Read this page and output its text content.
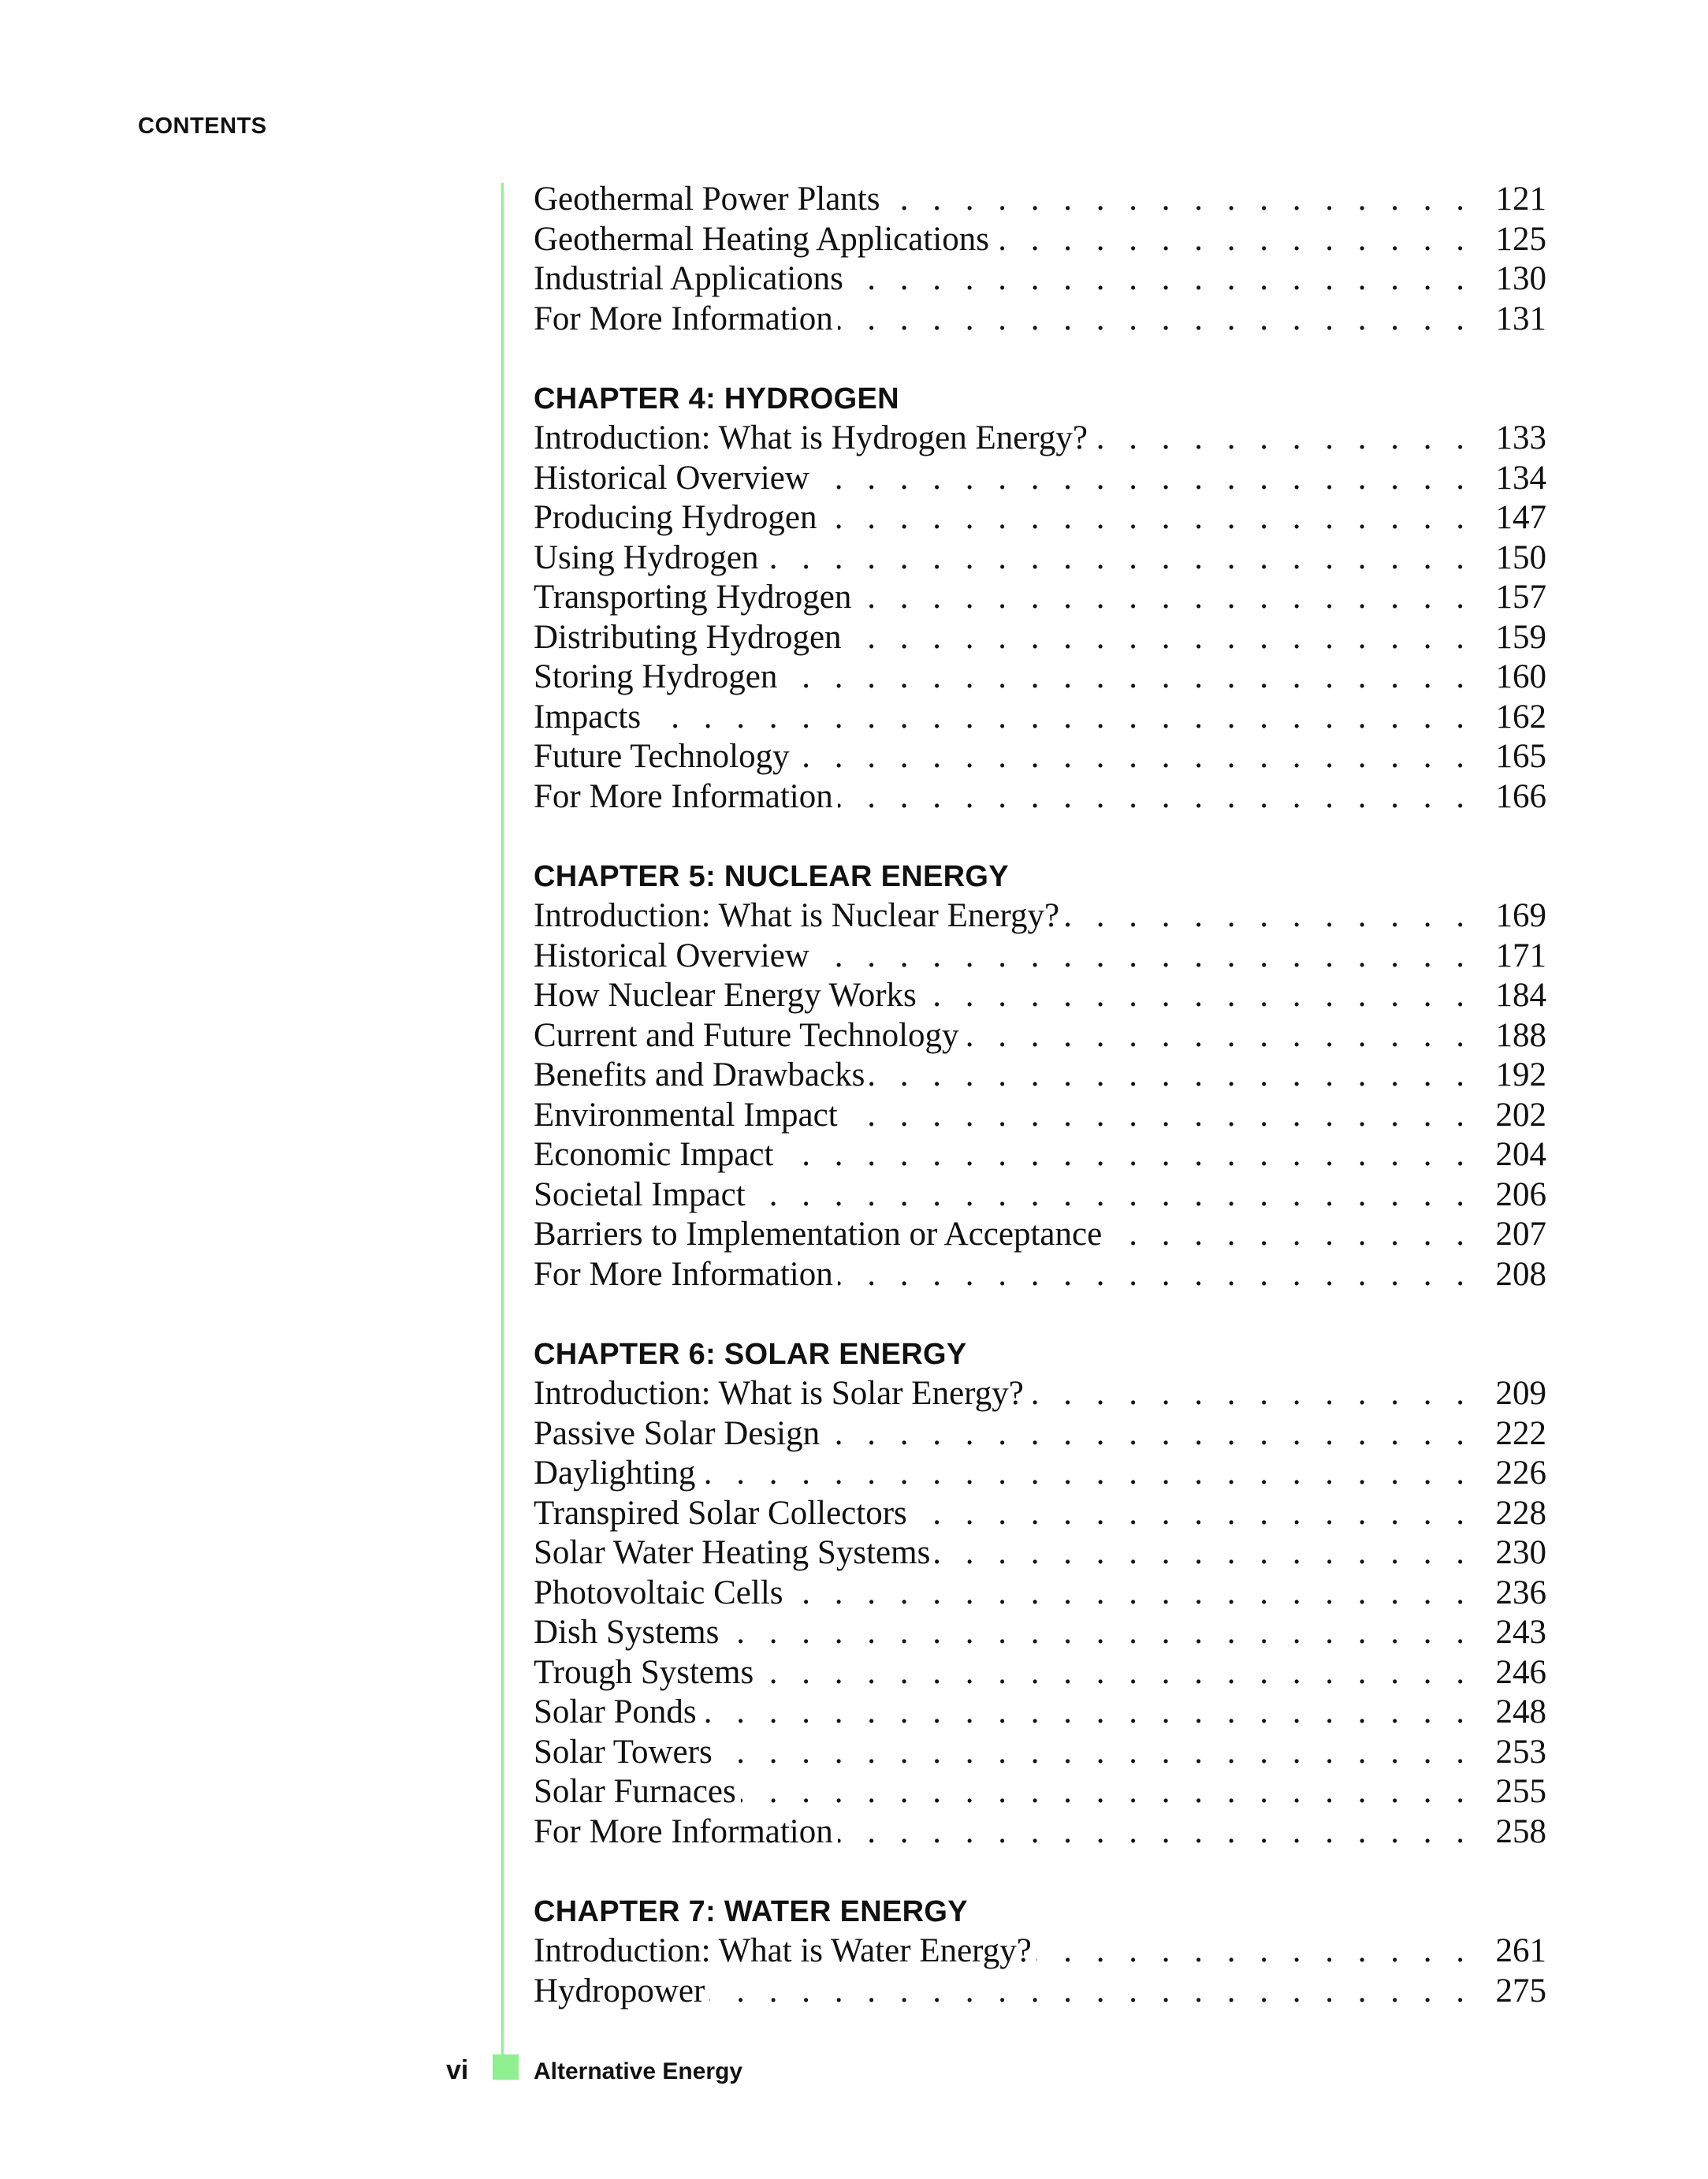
CONTENTS
Geothermal Power Plants . . .	121
Geothermal Heating Applications . . .	125
Industrial Applications . . .	130
For More Information . . .	131
CHAPTER 4: HYDROGEN
Introduction: What is Hydrogen Energy? . . .	133
Historical Overview . . .	134
Producing Hydrogen . . .	147
Using Hydrogen . . .	150
Transporting Hydrogen . . .	157
Distributing Hydrogen . . .	159
Storing Hydrogen . . .	160
Impacts . . .	162
Future Technology . . .	165
For More Information . . .	166
CHAPTER 5: NUCLEAR ENERGY
Introduction: What is Nuclear Energy? . . .	169
Historical Overview . . .	171
How Nuclear Energy Works . . .	184
Current and Future Technology . . .	188
Benefits and Drawbacks . . .	192
Environmental Impact . . .	202
Economic Impact . . .	204
Societal Impact . . .	206
Barriers to Implementation or Acceptance . . .	207
For More Information . . .	208
CHAPTER 6: SOLAR ENERGY
Introduction: What is Solar Energy? . . .	209
Passive Solar Design . . .	222
Daylighting . . .	226
Transpired Solar Collectors . . .	228
Solar Water Heating Systems . . .	230
Photovoltaic Cells . . .	236
Dish Systems . . .	243
Trough Systems . . .	246
Solar Ponds . . .	248
Solar Towers . . .	253
Solar Furnaces . . .	255
For More Information . . .	258
CHAPTER 7: WATER ENERGY
Introduction: What is Water Energy? . . .	261
Hydropower . . .	275
vi	Alternative Energy
